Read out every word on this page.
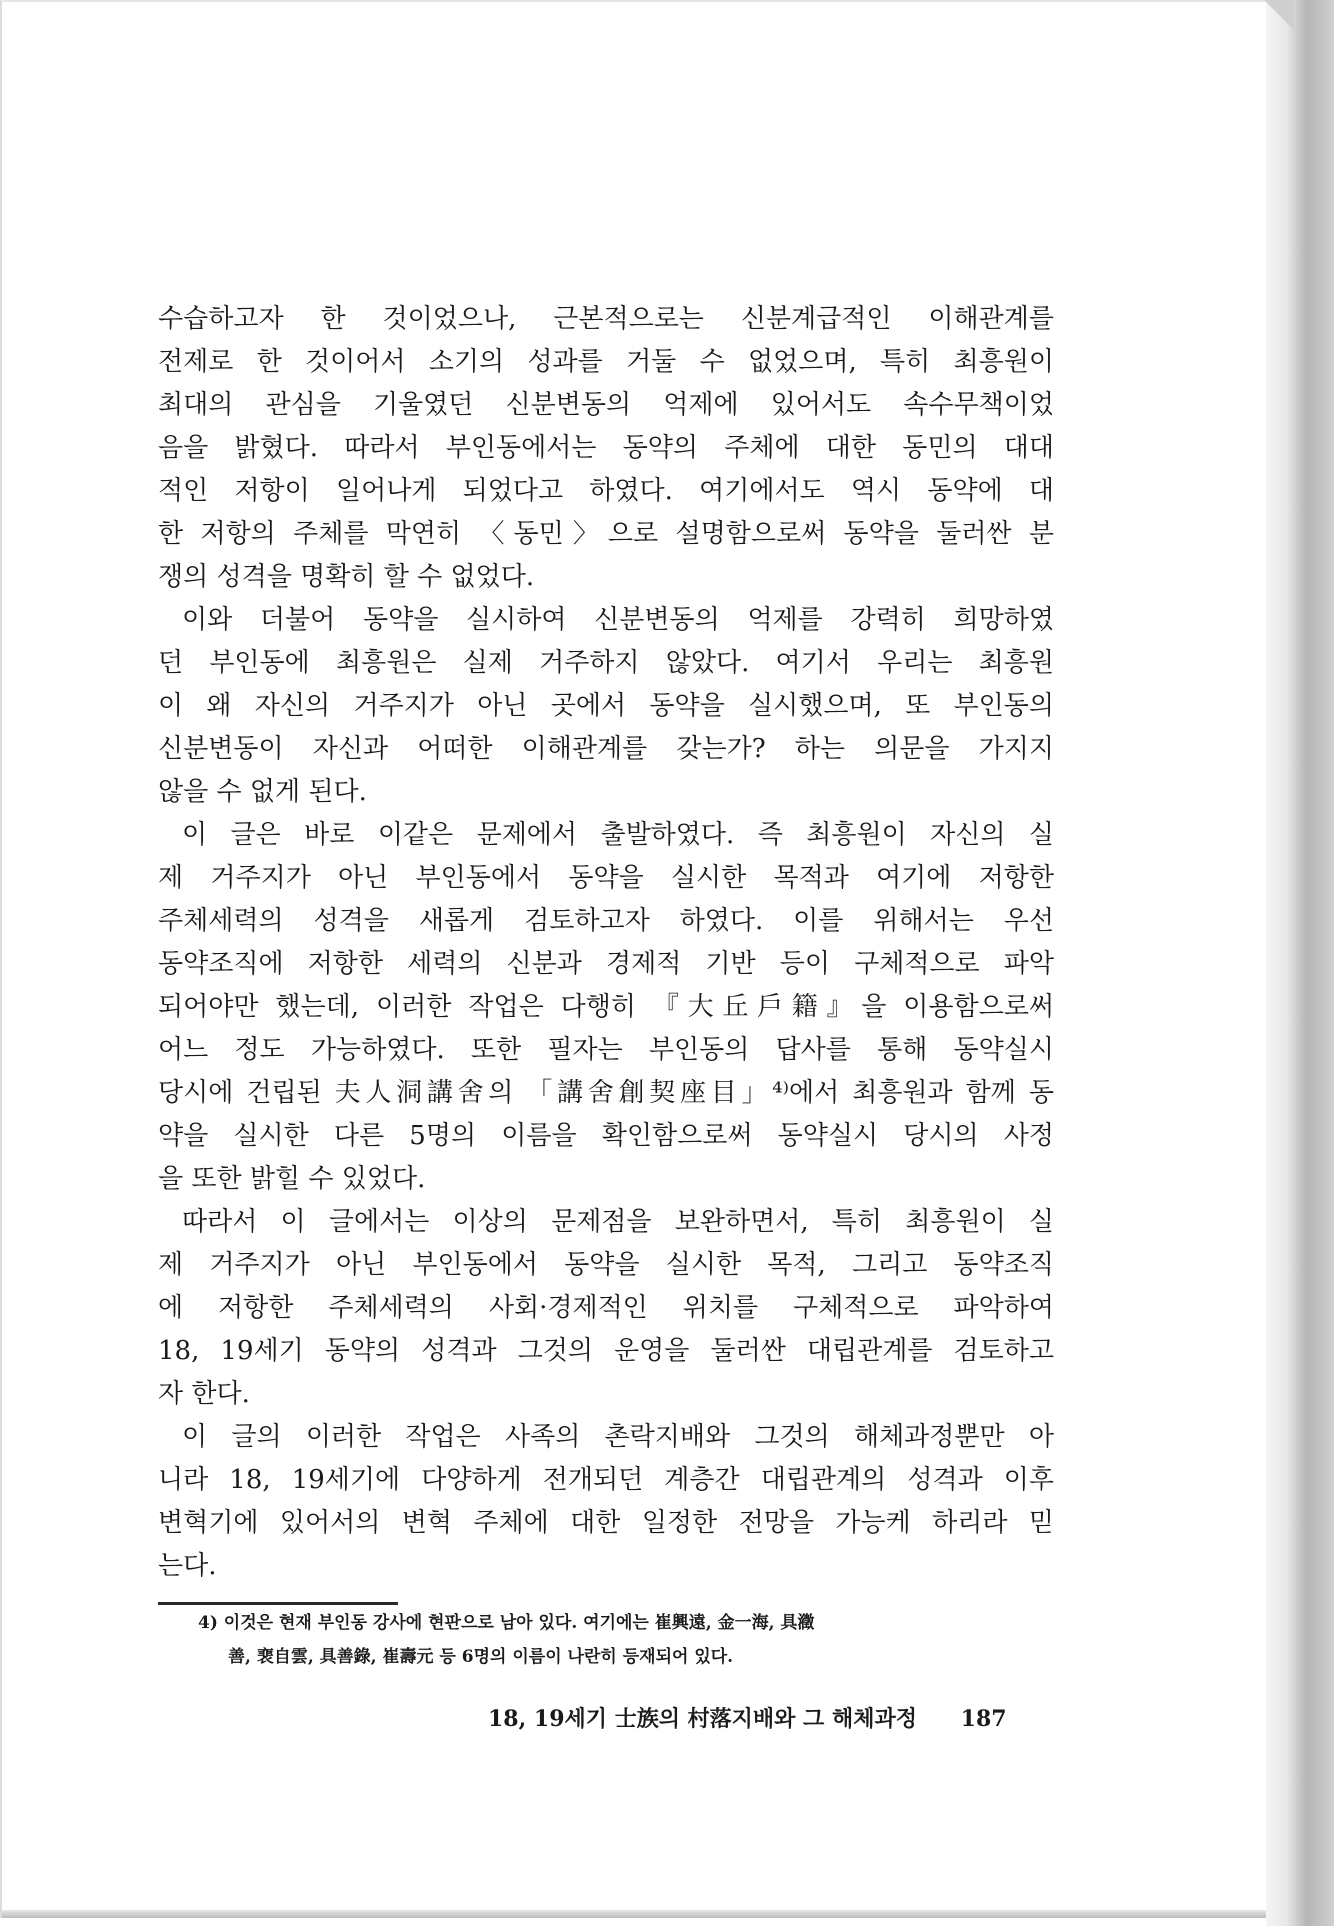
수습하고자 한 것이었으나, 근본적으로는 신분계급적인 이해관계를
전제로 한 것이어서 소기의 성과를 거둘 수 없었으며, 특히 최흥원이
최대의 관심을 기울였던 신분변동의 억제에 있어서도 속수무책이었
음을 밝혔다. 따라서 부인동에서는 동약의 주체에 대한 동민의 대대
적인 저항이 일어나게 되었다고 하였다. 여기에서도 역시 동약에 대
한 저항의 주체를 막연히 〈동민〉으로 설명함으로써 동약을 둘러싼 분
쟁의 성격을 명확히 할 수 없었다.
이와 더불어 동약을 실시하여 신분변동의 억제를 강력히 희망하였
던 부인동에 최흥원은 실제 거주하지 않았다. 여기서 우리는 최흥원
이 왜 자신의 거주지가 아닌 곳에서 동약을 실시했으며, 또 부인동의
신분변동이 자신과 어떠한 이해관계를 갖는가? 하는 의문을 가지지
않을 수 없게 된다.
이 글은 바로 이같은 문제에서 출발하였다. 즉 최흥원이 자신의 실
제 거주지가 아닌 부인동에서 동약을 실시한 목적과 여기에 저항한
주체세력의 성격을 새롭게 검토하고자 하였다. 이를 위해서는 우선
동약조직에 저항한 세력의 신분과 경제적 기반 등이 구체적으로 파악
되어야만 했는데, 이러한 작업은 다행히 『大丘戶籍』을 이용함으로써
어느 정도 가능하였다. 또한 필자는 부인동의 답사를 통해 동약실시
당시에 건립된 夫人洞講舍의 「講舍創契座目」⁴⁾에서 최흥원과 함께 동
약을 실시한 다른 5명의 이름을 확인함으로써 동약실시 당시의 사정
을 또한 밝힐 수 있었다.
따라서 이 글에서는 이상의 문제점을 보완하면서, 특히 최흥원이 실
제 거주지가 아닌 부인동에서 동약을 실시한 목적, 그리고 동약조직
에 저항한 주체세력의 사회·경제적인 위치를 구체적으로 파악하여
18, 19세기 동약의 성격과 그것의 운영을 둘러싼 대립관계를 검토하고
자 한다.
이 글의 이러한 작업은 사족의 촌락지배와 그것의 해체과정뿐만 아
니라 18, 19세기에 다양하게 전개되던 계층간 대립관계의 성격과 이후
변혁기에 있어서의 변혁 주체에 대한 일정한 전망을 가능케 하리라 믿
는다.
4) 이것은 현재 부인동 강사에 현판으로 남아 있다. 여기에는 崔興遠, 金一海, 具瀓
善, 裵自雲, 具善錄, 崔壽元 등 6명의 이름이 나란히 등재되어 있다.
18, 19세기 士族의 村落지배와 그 해체과정 187
